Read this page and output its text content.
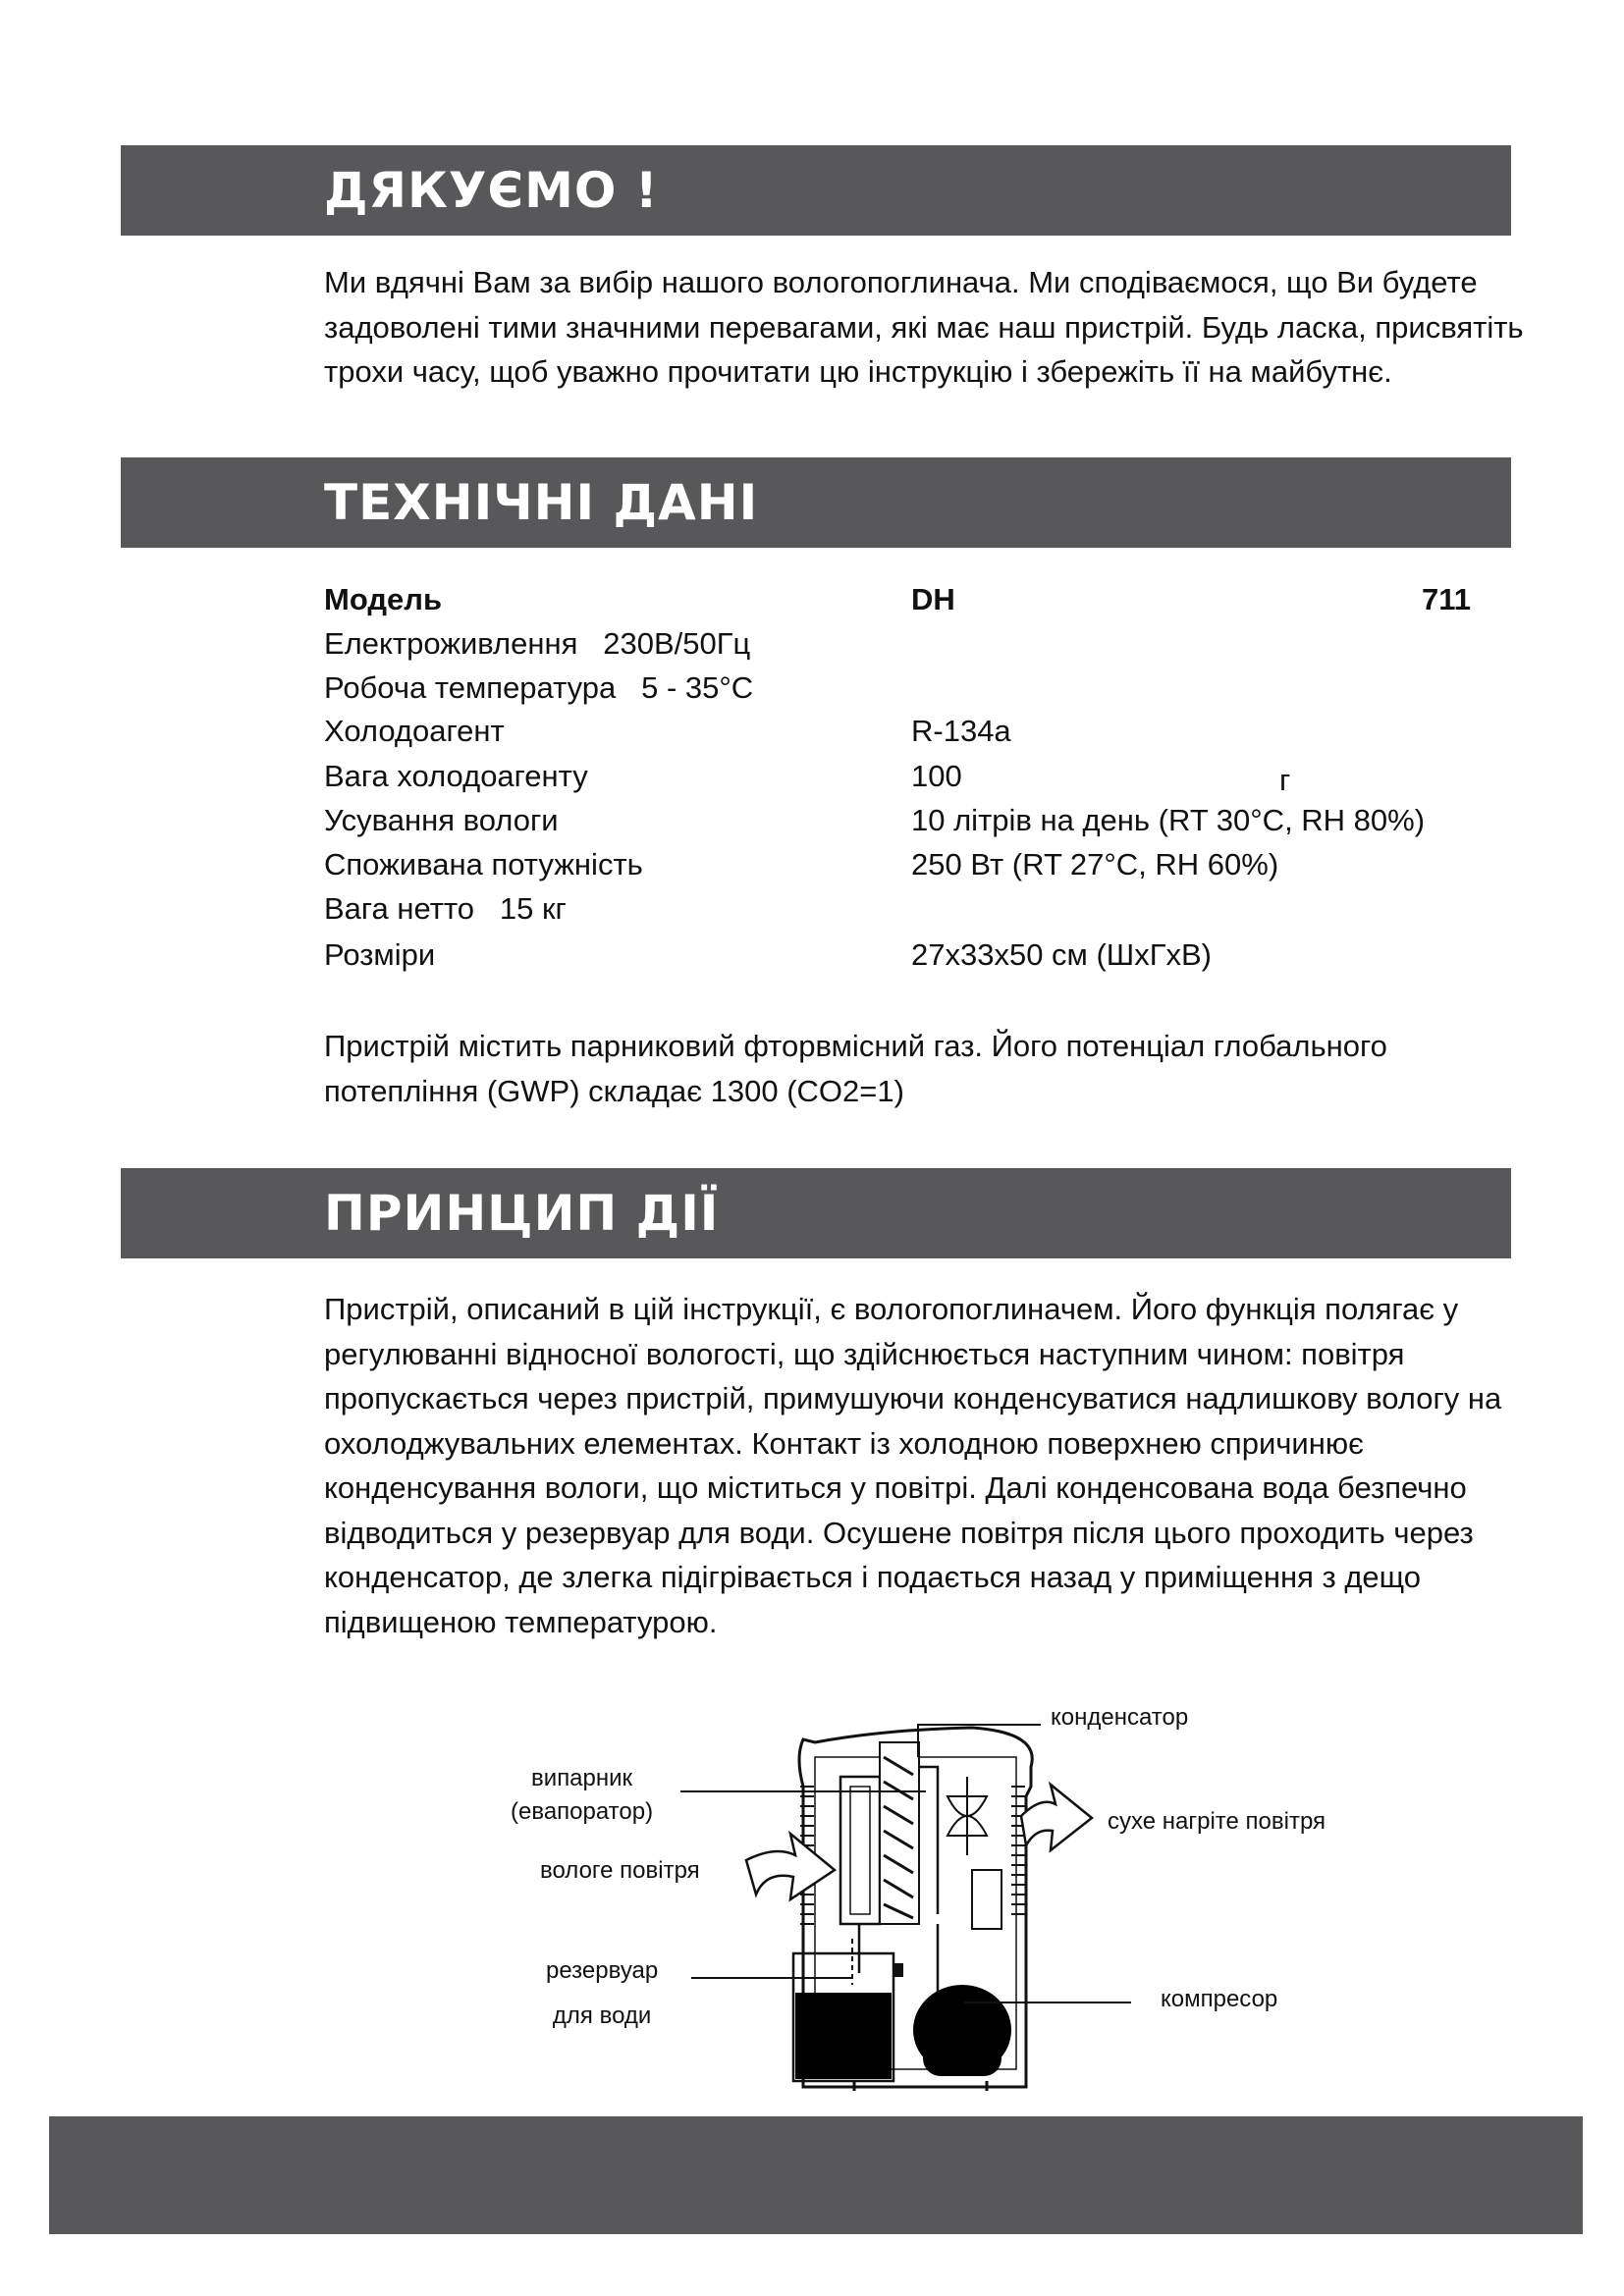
ДЯКУЄМО !

Ми вдячні Вам за вибір нашого вологопоглинача. Ми сподіваємося, що Ви будете задоволені тими значними перевагами, які має наш пристрій. Будь ласка, присвятіть трохи часу, щоб уважно прочитати цю інструкцію і збережіть її на майбутнє.

ТЕХНІЧНІ ДАНІ
Модель	DH	711
Електроживлення   230В/50Гц
Робоча температура   5 - 35°C
Холодоагент	R-134a
Вага холодоагенту	100	г
Усування вологи	10 літрів на день (RT 30°C, RH 80%)
Споживана потужність	250 Вт (RT 27°C, RH 60%)
Вага нетто   15 кг
Розміри	27x33x50 см (ШxГxВ)

Пристрій містить парниковий фторвмісний газ. Його потенціал глобального потепління (GWP) складає 1300 (CO2=1)

ПРИНЦИП ДІЇ

Пристрій, описаний в цій інструкції, є вологопоглиначем. Його функція полягає у регулюванні відносної вологості, що здійснюється наступним чином: повітря пропускається через пристрій, примушуючи конденсуватися надлишкову вологу на охолоджувальних елементах. Контакт із холодною поверхнею спричинює конденсування вологи, що міститься у повітрі. Далі конденсована вода безпечно відводиться у резервуар для води. Осушене повітря після цього проходить через конденсатор, де злегка підігрівається і подається назад у приміщення з дещо підвищеною температурою.

конденсатор
випарник
(евапоратор)	сухе нагріте повітря
вологе повітря
резервуар
для води
компресор
